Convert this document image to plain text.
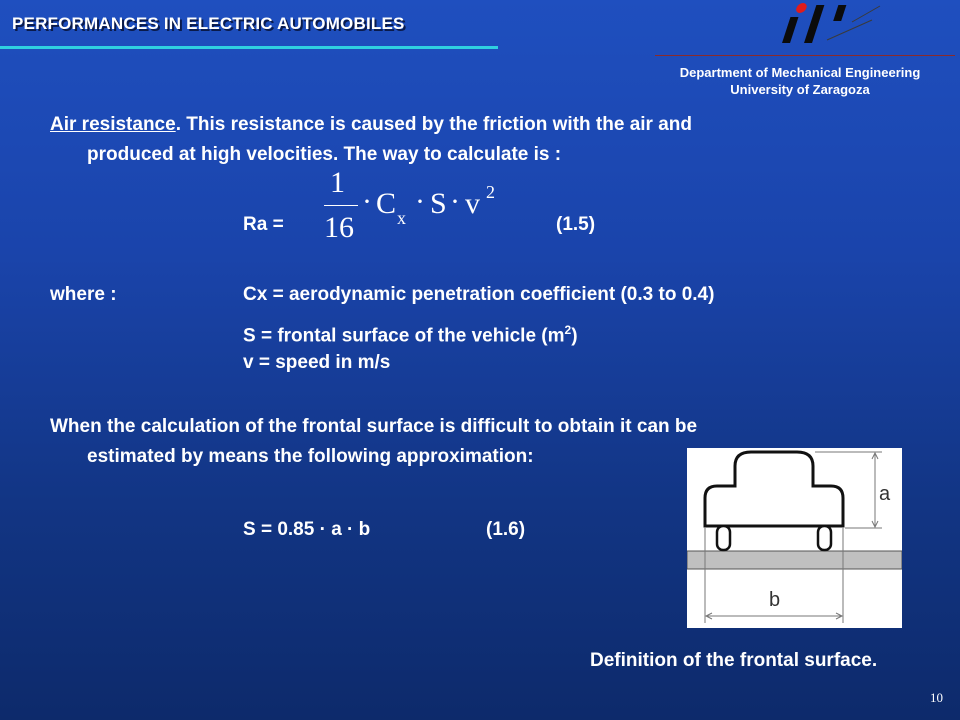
PERFORMANCES IN ELECTRIC AUTOMOBILES
Department of Mechanical Engineering
University of Zaragoza
Air resistance. This resistance is caused by the friction with the air and
produced at high velocities. The way to calculate is :
Ra =
1
16
· C x · S · v 2
(1.5)
where :	Cx = aerodynamic penetration coefficient (0.3 to 0.4)
S = frontal surface of the vehicle $(m^2)$
v = speed in m/s
When the calculation of the frontal surface is difficult to obtain it can be
estimated by means the following approximation:
S = 0.85 · a · b	(1.6)
a
b
Definition of the frontal surface.
10
